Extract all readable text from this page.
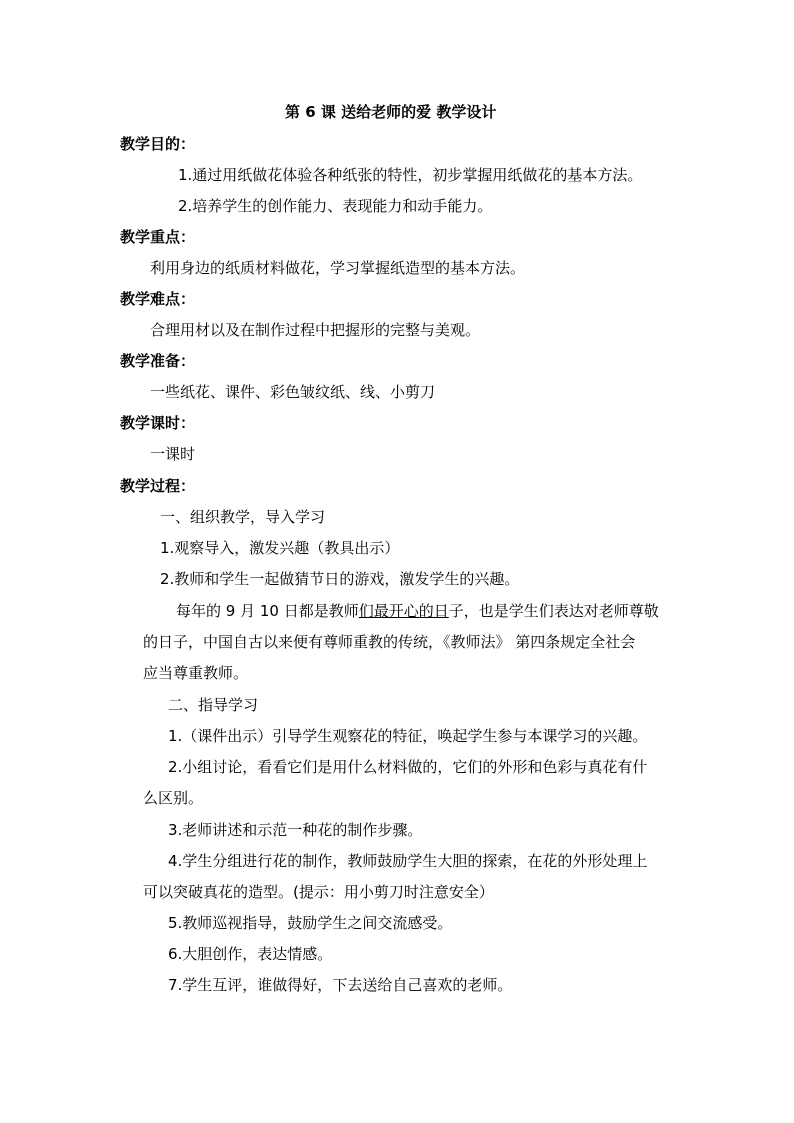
第 6 课 送给老师的爱 教学设计
教学目的：
1.通过用纸做花体验各种纸张的特性，初步掌握用纸做花的基本方法。
2.培养学生的创作能力、表现能力和动手能力。
教学重点：
利用身边的纸质材料做花，学习掌握纸造型的基本方法。
教学难点：
合理用材以及在制作过程中把握形的完整与美观。
教学准备：
一些纸花、课件、彩色皱纹纸、线、小剪刀
教学课时：
一课时
教学过程：
一、组织教学，导入学习
1.观察导入，激发兴趣（教具出示）
2.教师和学生一起做猜节日的游戏，激发学生的兴趣。
每年的 9 月 10 日都是教师们最开心的日子，也是学生们表达对老师尊敬
的日子，中国自古以来便有尊师重教的传统，《教师法》 第四条规定全社会
应当尊重教师。
二、指导学习
1.（课件出示）引导学生观察花的特征，唤起学生参与本课学习的兴趣。
2.小组讨论，看看它们是用什么材料做的，它们的外形和色彩与真花有什
么区别。
3.老师讲述和示范一种花的制作步骤。
4.学生分组进行花的制作，教师鼓励学生大胆的探索，在花的外形处理上
可以突破真花的造型。(提示：用小剪刀时注意安全）
5.教师巡视指导，鼓励学生之间交流感受。
6.大胆创作，表达情感。
7.学生互评，谁做得好，下去送给自己喜欢的老师。
